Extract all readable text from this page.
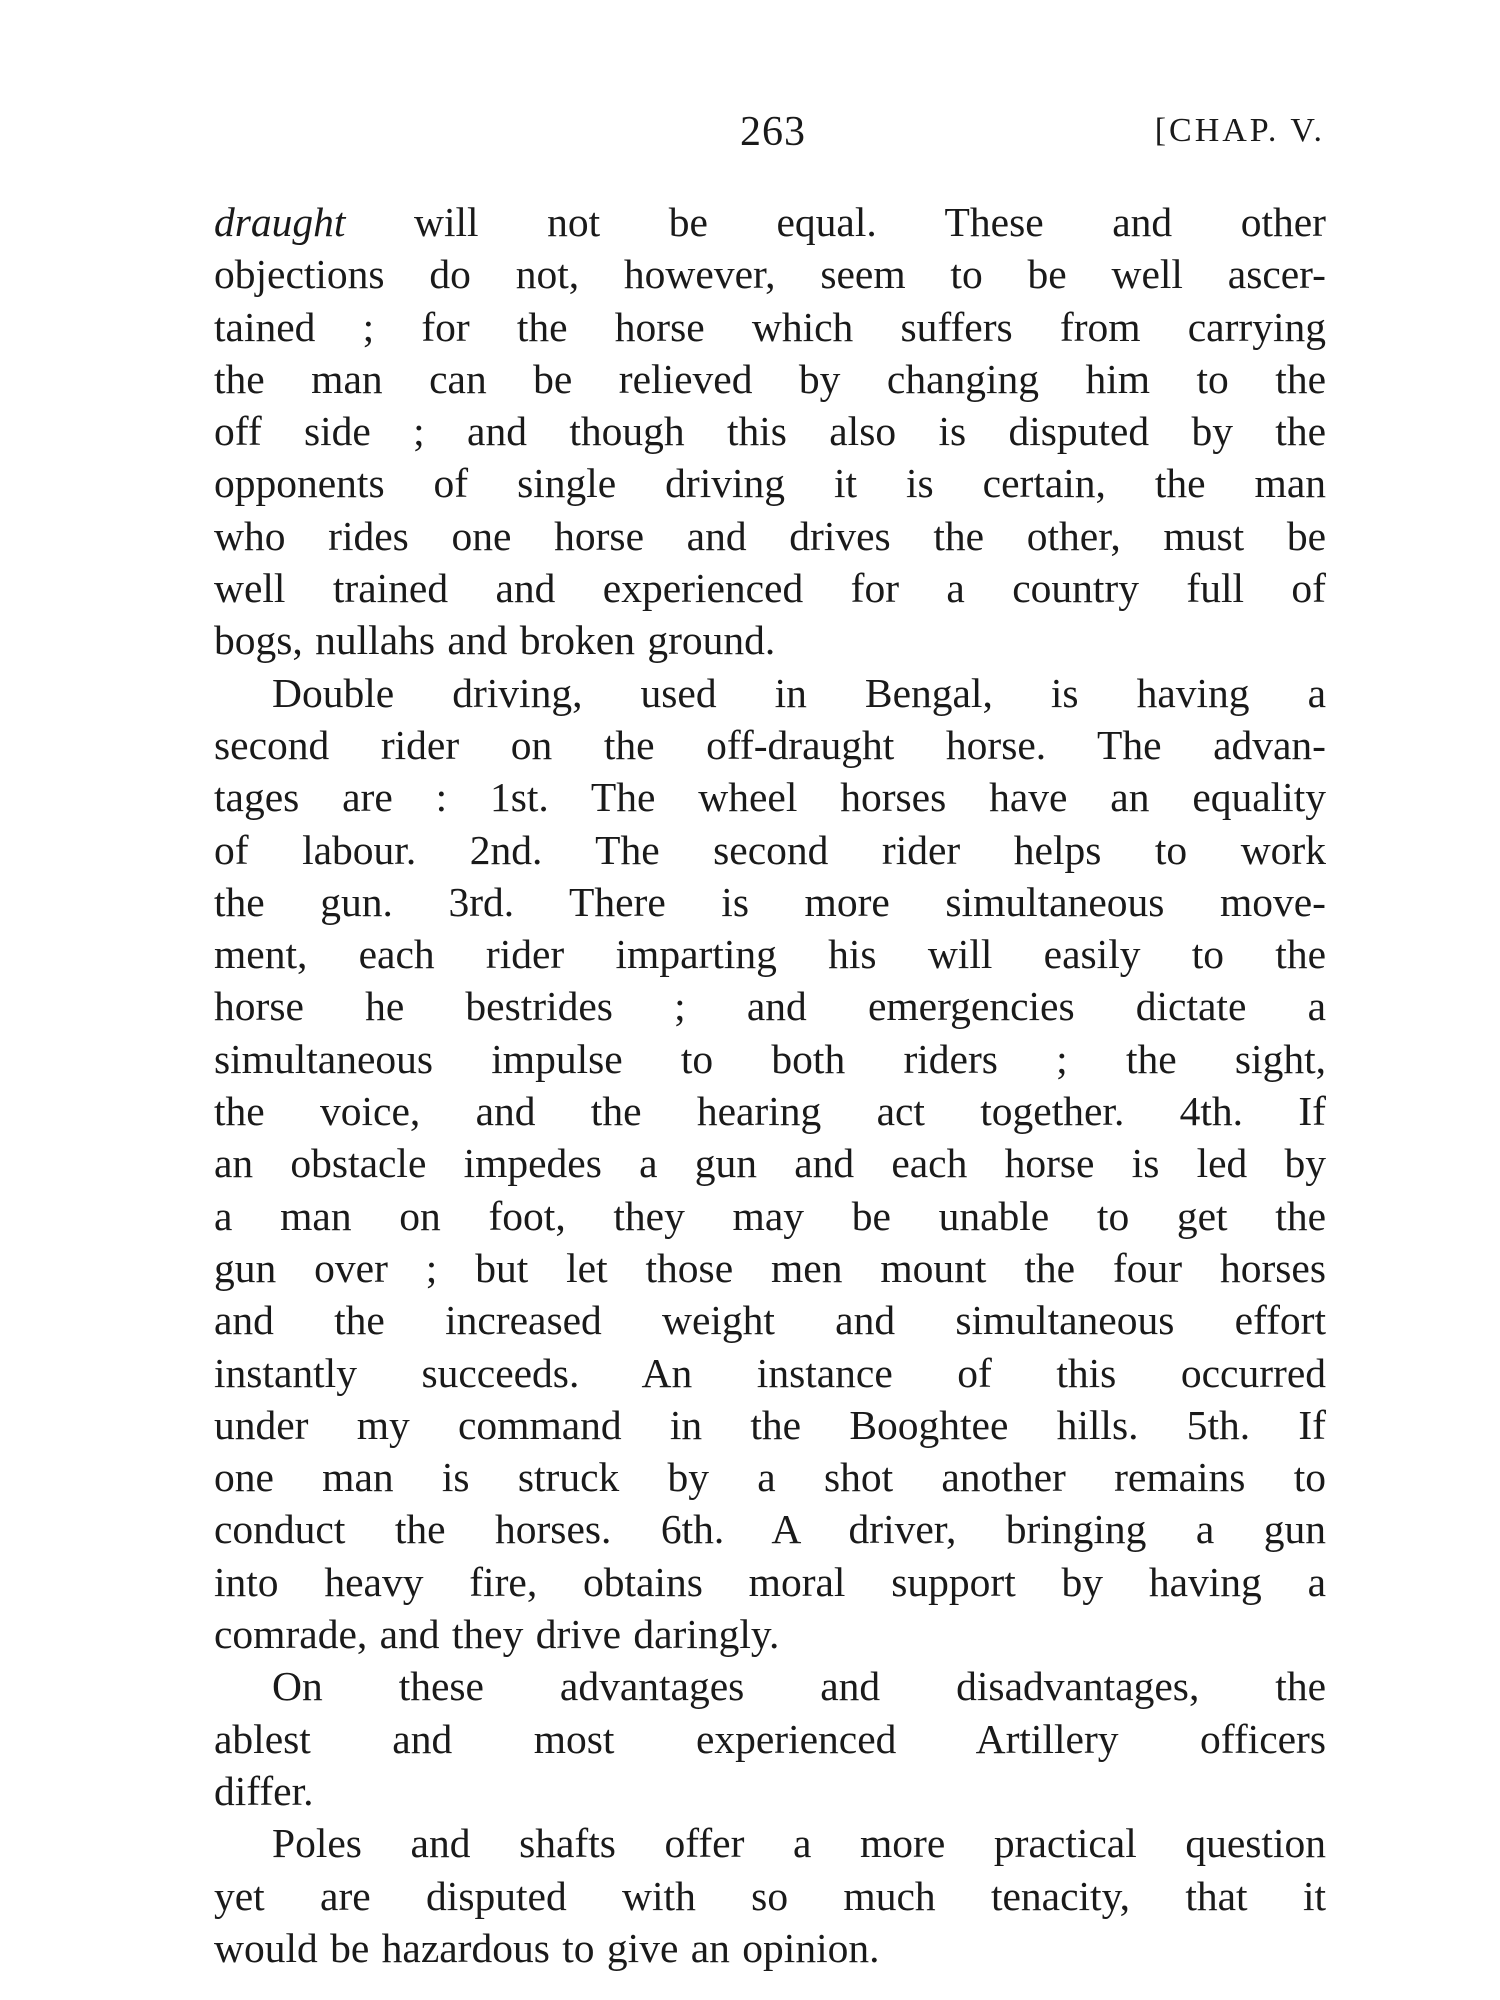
263	[CHAP. V.
draught will not be equal. These and other
objections do not, however, seem to be well ascer-
tained ; for the horse which suffers from carrying
the man can be relieved by changing him to the
off side ; and though this also is disputed by the
opponents of single driving it is certain, the man
who rides one horse and drives the other, must be
well trained and experienced for a country full of
bogs, nullahs and broken ground.
Double driving, used in Bengal, is having a
second rider on the off-draught horse. The advan-
tages are : 1st. The wheel horses have an equality
of labour. 2nd. The second rider helps to work
the gun. 3rd. There is more simultaneous move-
ment, each rider imparting his will easily to the
horse he bestrides ; and emergencies dictate a
simultaneous impulse to both riders ; the sight,
the voice, and the hearing act together. 4th. If
an obstacle impedes a gun and each horse is led by
a man on foot, they may be unable to get the
gun over ; but let those men mount the four horses
and the increased weight and simultaneous effort
instantly succeeds. An instance of this occurred
under my command in the Booghtee hills. 5th. If
one man is struck by a shot another remains to
conduct the horses. 6th. A driver, bringing a gun
into heavy fire, obtains moral support by having a
comrade, and they drive daringly.
On these advantages and disadvantages, the
ablest and most experienced Artillery officers
differ.
Poles and shafts offer a more practical question
yet are disputed with so much tenacity, that it
would be hazardous to give an opinion.
